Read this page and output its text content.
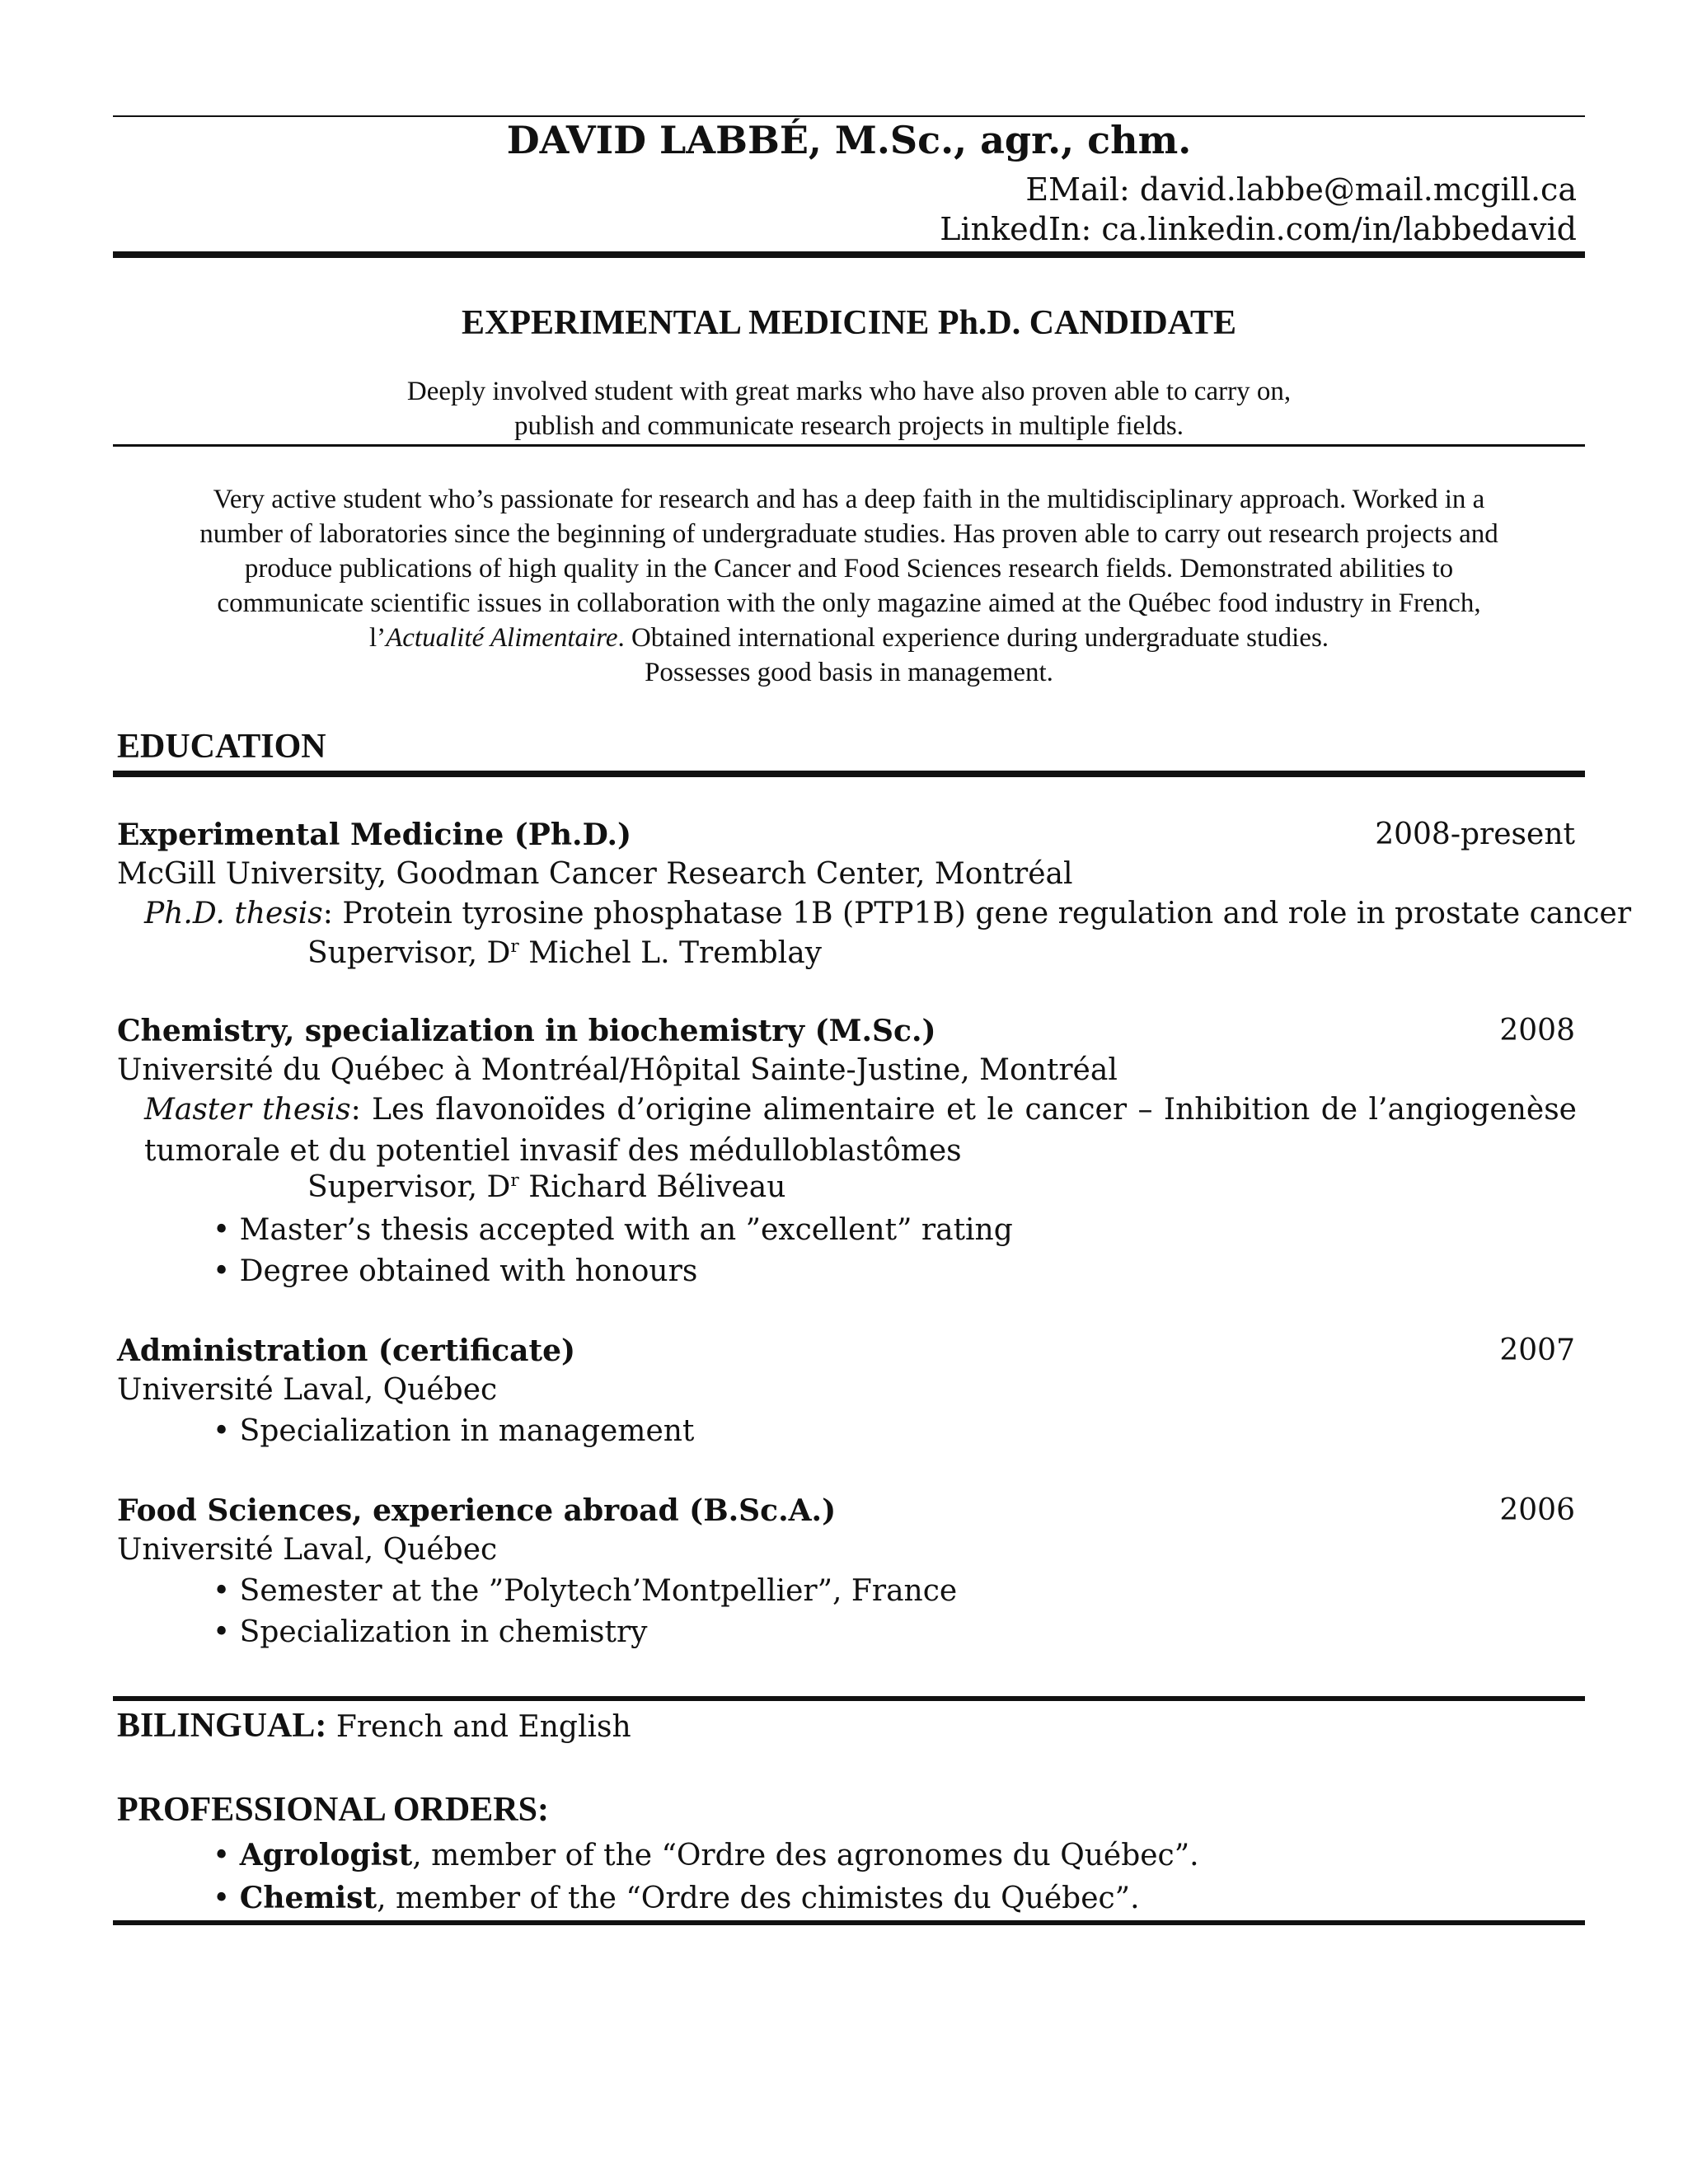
DAVID LABBÉ, M.Sc., agr., chm.
EMail: david.labbe@mail.mcgill.ca
LinkedIn: ca.linkedin.com/in/labbedavid
EXPERIMENTAL MEDICINE Ph.D. CANDIDATE
Deeply involved student with great marks who have also proven able to carry on,
publish and communicate research projects in multiple fields.
Very active student who’s passionate for research and has a deep faith in the multidisciplinary approach. Worked in a
number of laboratories since the beginning of undergraduate studies. Has proven able to carry out research projects and
produce publications of high quality in the Cancer and Food Sciences research fields. Demonstrated abilities to
communicate scientific issues in collaboration with the only magazine aimed at the Québec food industry in French,
l’Actualité Alimentaire. Obtained international experience during undergraduate studies.
Possesses good basis in management.
EDUCATION
Experimental Medicine (Ph.D.)	2008-present
McGill University, Goodman Cancer Research Center, Montréal
Ph.D. thesis: Protein tyrosine phosphatase 1B (PTP1B) gene regulation and role in prostate cancer
Supervisor, $D^r$ Michel L. Tremblay
Chemistry, specialization in biochemistry (M.Sc.)	2008
Université du Québec à Montréal/Hôpital Sainte-Justine, Montréal
Master thesis: Les flavonoïdes d’origine alimentaire et le cancer – Inhibition de l’angiogenèse tumorale et du potentiel invasif des médulloblastômes
Supervisor, $D^r$ Richard Béliveau
• Master’s thesis accepted with an ”excellent” rating
• Degree obtained with honours
Administration (certificate)	2007
Université Laval, Québec
• Specialization in management
Food Sciences, experience abroad (B.Sc.A.)	2006
Université Laval, Québec
• Semester at the ”Polytech’Montpellier”, France
• Specialization in chemistry
BILINGUAL: French and English
PROFESSIONAL ORDERS:
• Agrologist, member of the “Ordre des agronomes du Québec”.
• Chemist, member of the “Ordre des chimistes du Québec”.
